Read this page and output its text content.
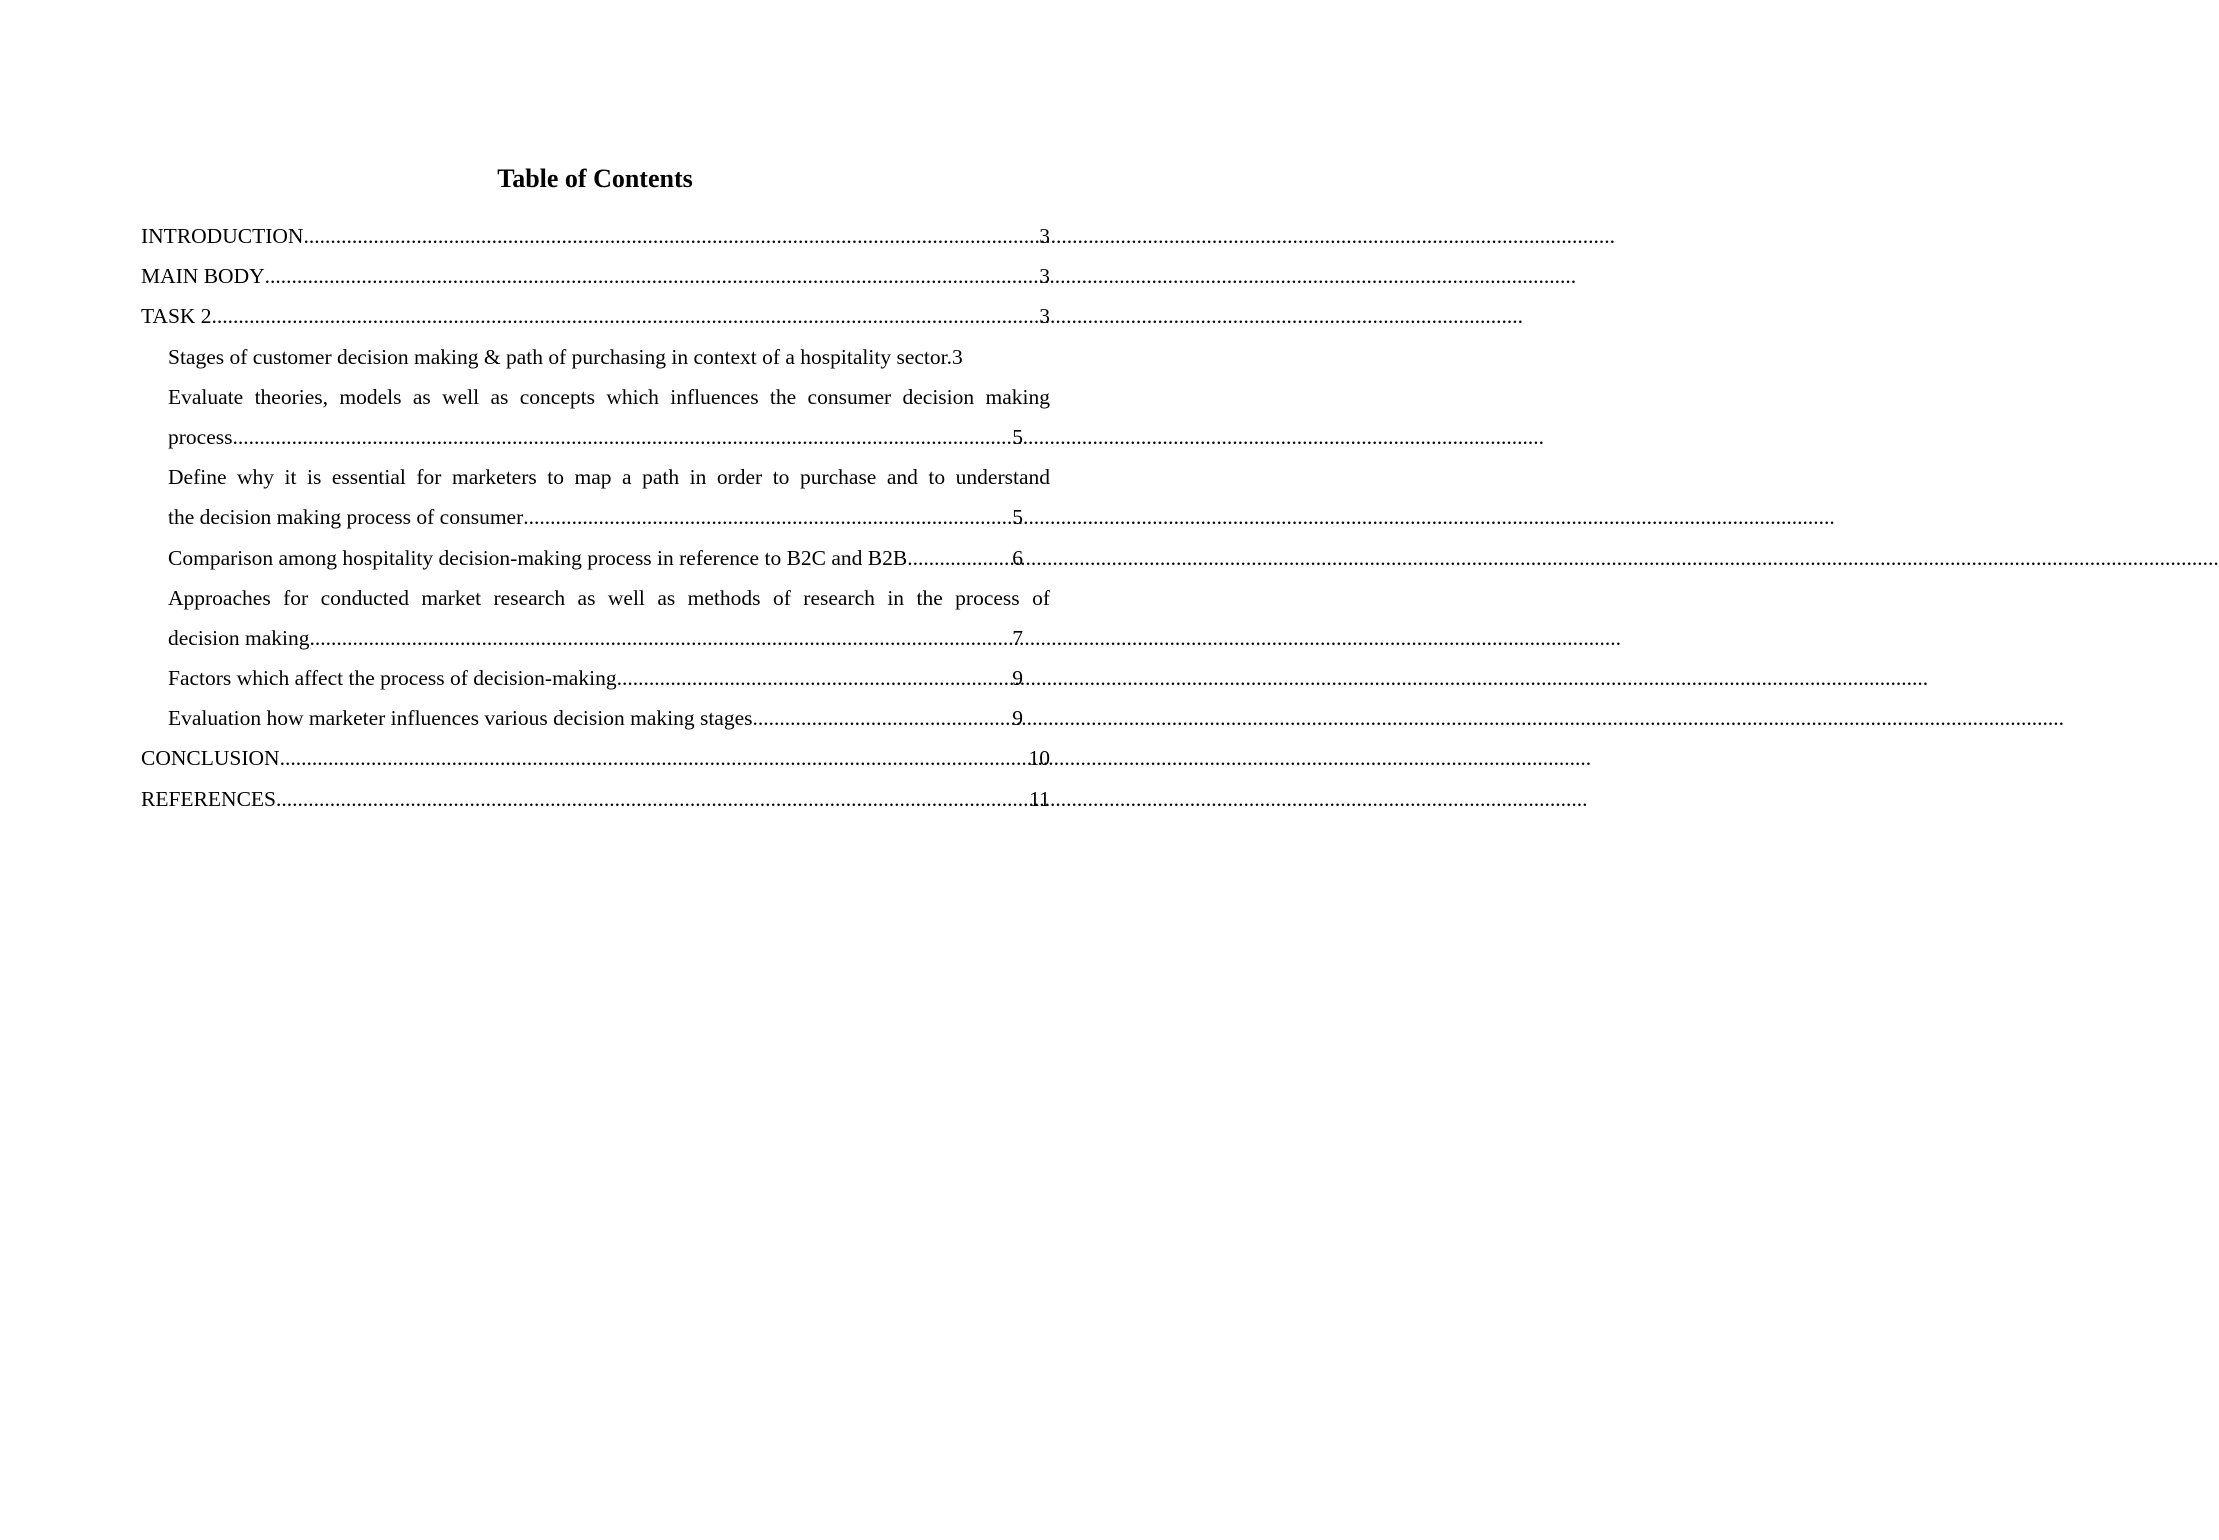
Table of Contents
INTRODUCTION .....	3
MAIN BODY .....	3
TASK 2 .....	3
Stages of customer decision making & path of purchasing in context of a hospitality sector. 3
Evaluate theories, models as well as concepts which influences the consumer decision making
process .....	5
Define why it is essential for marketers to map a path in order to purchase and to understand
the decision making process of consumer .....	5
Comparison among hospitality decision-making process in reference to B2C and B2B .....	6
Approaches for conducted market research as well as methods of research in the process of
decision making .....	7
Factors which affect the process of decision-making .....	9
Evaluation how marketer influences various decision making stages .....	9
CONCLUSION .....	10
REFERENCES .....	11
